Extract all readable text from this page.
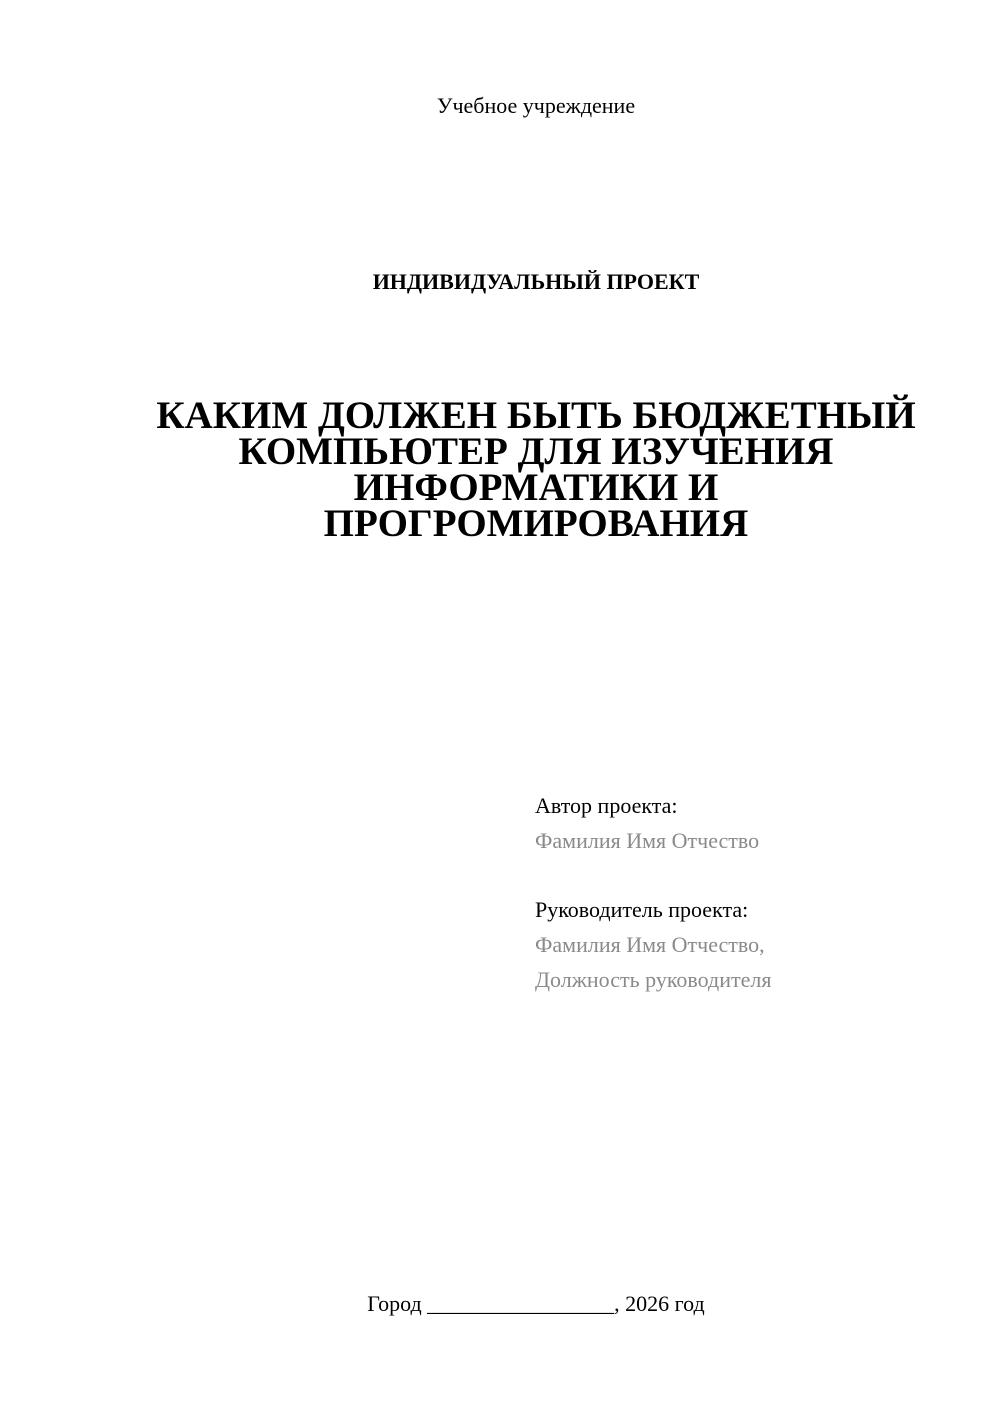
Учебное учреждение
ИНДИВИДУАЛЬНЫЙ ПРОЕКТ
КАКИМ ДОЛЖЕН БЫТЬ БЮДЖЕТНЫЙ
КОМПЬЮТЕР ДЛЯ ИЗУЧЕНИЯ
ИНФОРМАТИКИ И
ПРОГРОМИРОВАНИЯ
Автор проекта:
Фамилия Имя Отчество
Руководитель проекта:
Фамилия Имя Отчество,
Должность руководителя
Город _________________, 2026 год
